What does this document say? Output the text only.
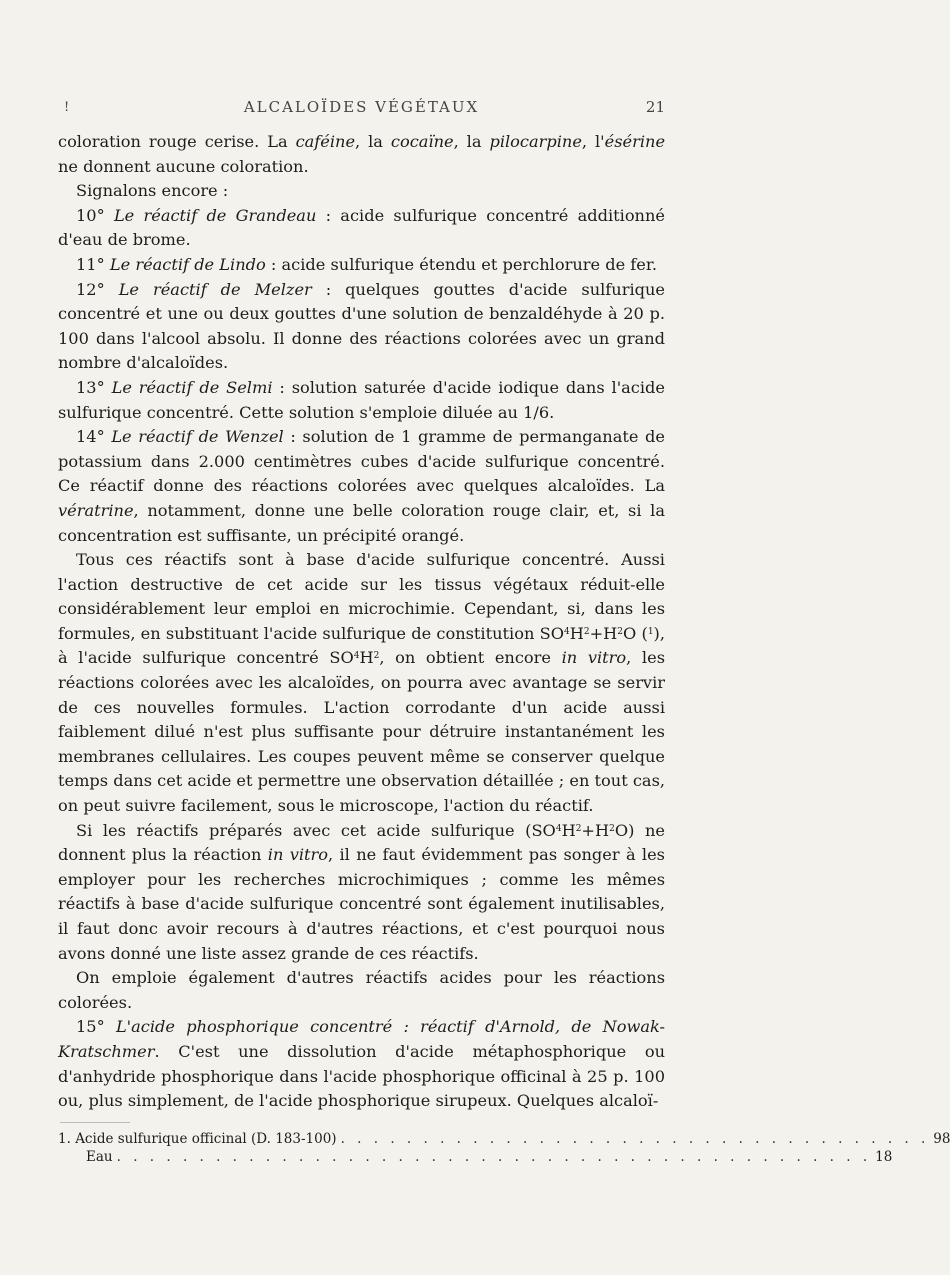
!	ALCALOÏDES VÉGÉTAUX	21

coloration rouge cerise. La caféine, la cocaïne, la pilocarpine, l'ésérine ne donnent aucune coloration.

Signalons encore :

10° Le réactif de Grandeau : acide sulfurique concentré additionné d'eau de brome.

11° Le réactif de Lindo : acide sulfurique étendu et perchlorure de fer.

12° Le réactif de Melzer : quelques gouttes d'acide sulfurique concentré et une ou deux gouttes d'une solution de benzaldéhyde à 20 p. 100 dans l'alcool absolu. Il donne des réactions colorées avec un grand nombre d'alcaloïdes.

13° Le réactif de Selmi : solution saturée d'acide iodique dans l'acide sulfurique concentré. Cette solution s'emploie diluée au 1/6.

14° Le réactif de Wenzel : solution de 1 gramme de permanganate de potassium dans 2.000 centimètres cubes d'acide sulfurique concentré. Ce réactif donne des réactions colorées avec quelques alcaloïdes. La vératrine, notamment, donne une belle coloration rouge clair, et, si la concentration est suffisante, un précipité orangé.

Tous ces réactifs sont à base d'acide sulfurique concentré. Aussi l'action destructive de cet acide sur les tissus végétaux réduit-elle considérablement leur emploi en microchimie. Cependant, si, dans les formules, en substituant l'acide sulfurique de constitution $SO^4H^2+H^2O$ ($^1$), à l'acide sulfurique concentré $SO^4H^2$, on obtient encore in vitro, les réactions colorées avec les alcaloïdes, on pourra avec avantage se servir de ces nouvelles formules. L'action corrodante d'un acide aussi faiblement dilué n'est plus suffisante pour détruire instantanément les membranes cellulaires. Les coupes peuvent même se conserver quelque temps dans cet acide et permettre une observation détaillée ; en tout cas, on peut suivre facilement, sous le microscope, l'action du réactif.

Si les réactifs préparés avec cet acide sulfurique $(SO^4H^2+H^2O)$ ne donnent plus la réaction in vitro, il ne faut évidemment pas songer à les employer pour les recherches microchimiques ; comme les mêmes réactifs à base d'acide sulfurique concentré sont également inutilisables, il faut donc avoir recours à d'autres réactions, et c'est pourquoi nous avons donné une liste assez grande de ces réactifs.

On emploie également d'autres réactifs acides pour les réactions colorées.

15° L'acide phosphorique concentré : réactif d'Arnold, de Nowak-Kratschmer. C'est une dissolution d'acide métaphosphorique ou d'anhydride phosphorique dans l'acide phosphorique officinal à 25 p. 100 ou, plus simplement, de l'acide phosphorique sirupeux. Quelques alcaloï-

1. Acide sulfurique officinal (D. 183-100) . . . . . . . . . . . . . . . . . . . . . . . . . . . . . . . . . . . . 98
Eau . . . . . . . . . . . . . . . . . . . . . . . . . . . . . . . . . . . . . . . . . . . . . . 18
